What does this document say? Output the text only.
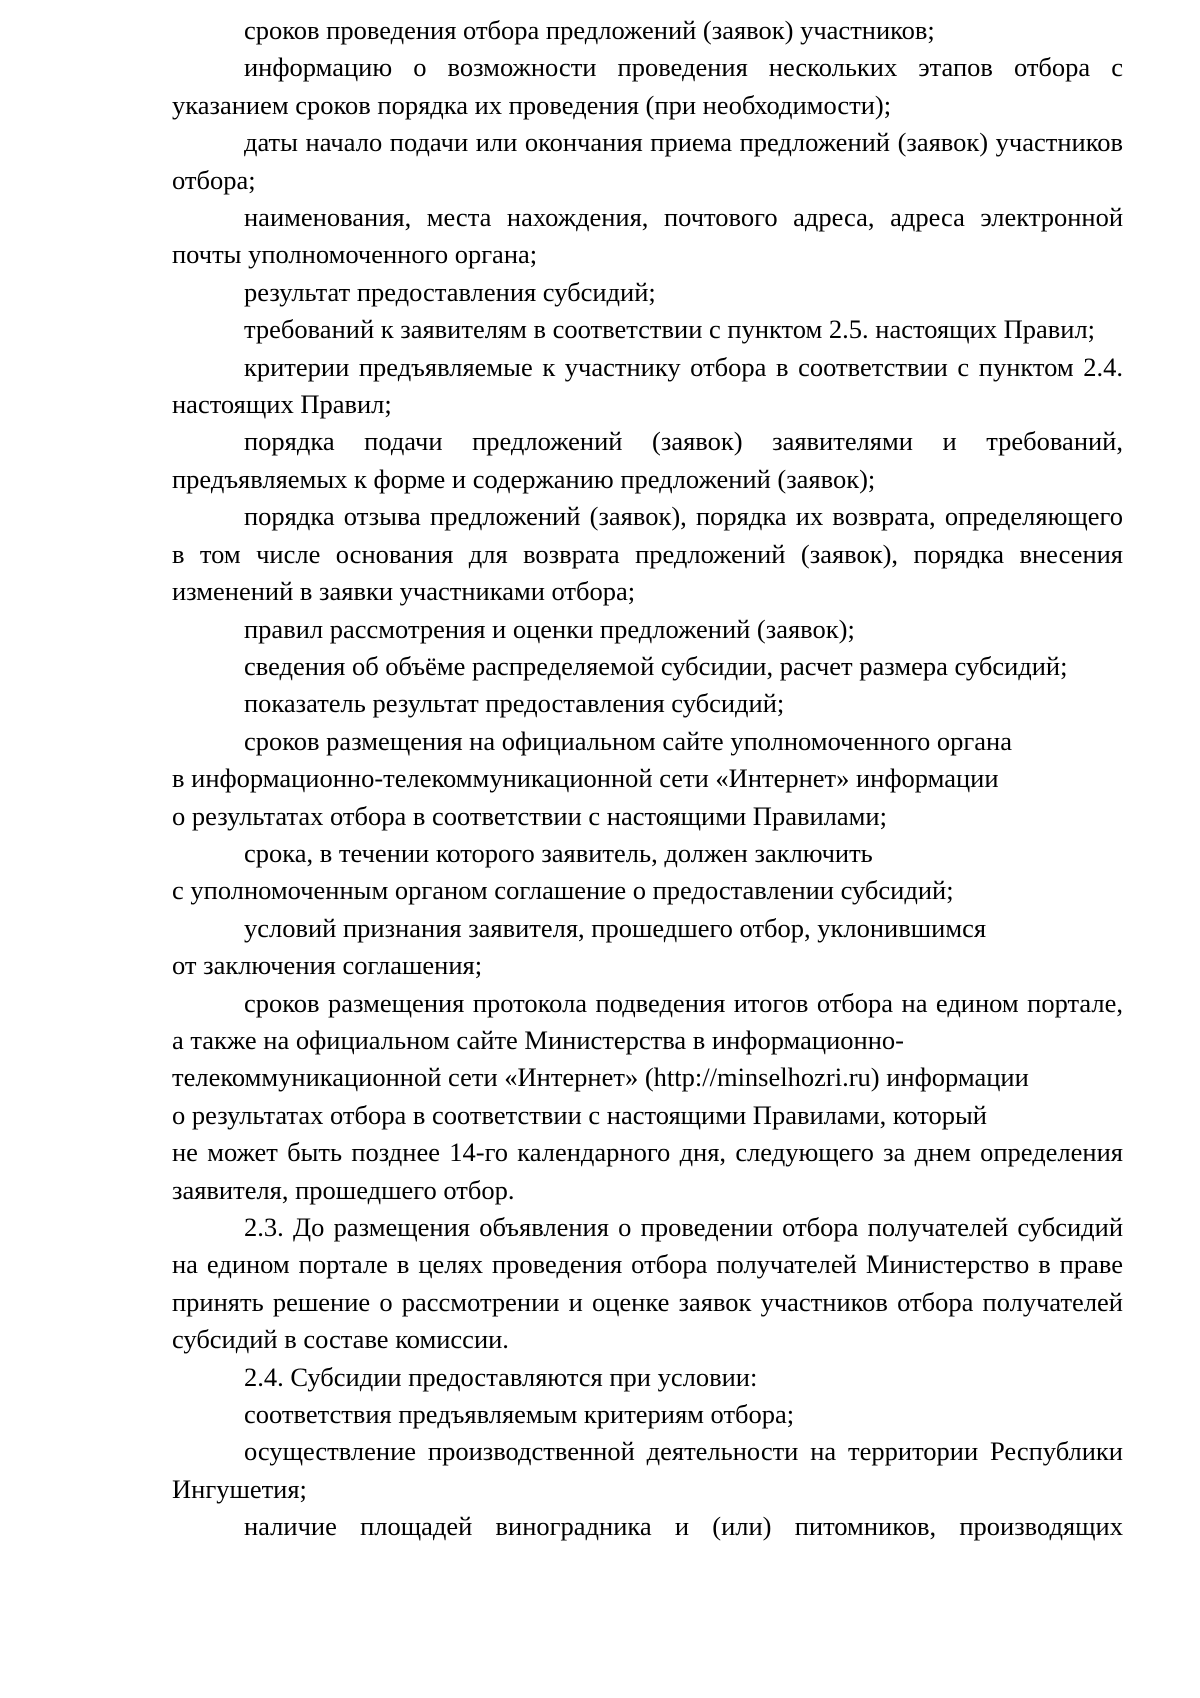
сроков проведения отбора предложений (заявок) участников;

информацию о возможности проведения нескольких этапов отбора с указанием сроков порядка их проведения (при необходимости);

даты начало подачи или окончания приема предложений (заявок) участников отбора;

наименования, места нахождения, почтового адреса, адреса электронной почты уполномоченного органа;

результат предоставления субсидий;

требований к заявителям в соответствии с пунктом 2.5. настоящих Правил;

критерии предъявляемые к участнику отбора в соответствии с пунктом 2.4. настоящих Правил;

порядка подачи предложений (заявок) заявителями и требований, предъявляемых к форме и содержанию предложений (заявок);

порядка отзыва предложений (заявок), порядка их возврата, определяющего в том числе основания для возврата предложений (заявок), порядка внесения изменений в заявки участниками отбора;

правил рассмотрения и оценки предложений (заявок);

сведения об объёме распределяемой субсидии, расчет размера субсидий;

показатель результат предоставления субсидий;

сроков размещения на официальном сайте уполномоченного органа
в информационно-телекоммуникационной сети «Интернет» информации
о результатах отбора в соответствии с настоящими Правилами;
срока, в течении которого заявитель, должен заключить
с уполномоченным органом соглашение о предоставлении субсидий;
условий признания заявителя, прошедшего отбор, уклонившимся
от заключения соглашения;

сроков размещения протокола подведения итогов отбора на едином портале, а также на официальном сайте Министерства в информационно-

телекоммуникационной сети «Интернет» (http://minselhozri.ru) информации
о результатах отбора в соответствии с настоящими Правилами, который

не может быть позднее 14-го календарного дня, следующего за днем определения заявителя, прошедшего отбор.

2.3. До размещения объявления о проведении отбора получателей субсидий на едином портале в целях проведения отбора получателей Министерство в праве принять решение о рассмотрении и оценке заявок участников отбора получателей субсидий в составе комиссии.

2.4. Субсидии предоставляются при условии:

соответствия предъявляемым критериям отбора;

осуществление производственной деятельности на территории Республики Ингушетия;

наличие площадей виноградника и (или) питомников, производящих
